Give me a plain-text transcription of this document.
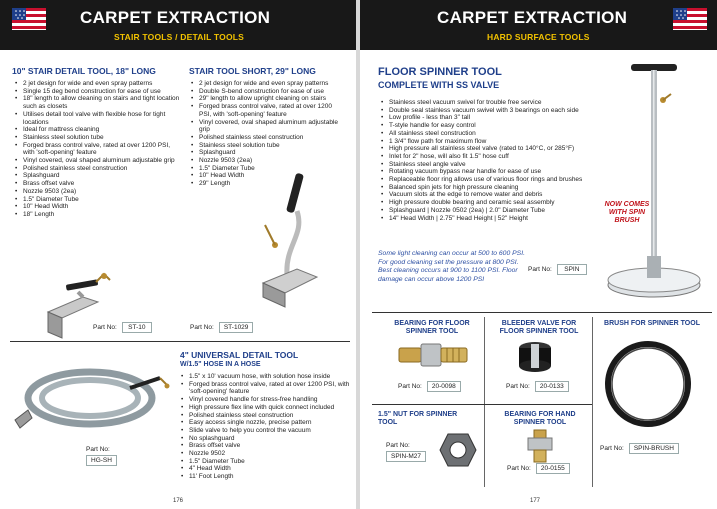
CARPET EXTRACTION
STAIR TOOLS / DETAIL TOOLS
10" STAIR DETAIL TOOL, 18" LONG
• 2 jet design for wide and even spray patterns
• Single 15 deg bend construction for ease of use
• 18" length to allow cleaning on stairs and tight location such as closets
• Utilises detail tool valve with flexible hose for tight locations
• Ideal for mattress cleaning
• Stainless steel solution tube
• Forged brass control valve, rated at over 1200 PSI, with 'soft-opening' feature
• Vinyl covered, oval shaped aluminum adjustable grip
• Polished stainless steel construction
• Splashguard
• Brass offset valve
• Nozzle 9503 (2ea)
• 1.5" Diameter Tube
• 10" Head Width
• 18" Length
Part No:	ST-10
STAIR TOOL SHORT, 29" LONG
• 2 jet design for wide and even spray patterns
• Double S-bend construction for ease of use
• 29" length to allow upright cleaning on stairs
• Forged brass control valve, rated at over 1200 PSI, with 'soft-opening' feature
• Vinyl covered, oval shaped aluminum adjustable grip
• Polished stainless steel construction
• Stainless steel solution tube
• Splashguard
• Nozzle 9503 (2ea)
• 1.5" Diameter Tube
• 10" Head Width
• 29" Length
Part No:	ST-1029
4" UNIVERSAL DETAIL TOOL
W/1.5" HOSE IN A HOSE
• 1.5" x 10' vacuum hose, with solution hose inside
• Forged brass control valve, rated at over 1200 PSI, with 'soft-opening' feature
• Vinyl covered handle for stress-free handling
• High pressure flex line with quick connect included
• Polished stainless steel construction
• Easy access single nozzle, precise pattern
• Slide valve to help you control the vacuum
• No splashguard
• Brass offset valve
• Nozzle 9502
• 1.5" Diameter Tube
• 4" Head Width
• 11' Foot Length
Part No:
HG-SH
176
CARPET EXTRACTION
HARD SURFACE TOOLS
FLOOR SPINNER TOOL
COMPLETE WITH SS VALVE
• Stainless steel vacuum swivel for trouble free service
• Double seal stainless vacuum swivel with 3 bearings on each side
• Low profile - less than 3" tall
• T-style handle for easy control
• All stainless steel construction
• 1 3/4" flow path for maximum flow
• High pressure all stainless steel valve (rated to 140°C, or 285°F)
• Inlet for 2" hose, will also fit 1.5" hose cuff
• Stainless steel angle valve
• Rotating vacuum bypass near handle for ease of use
• Replaceable floor ring allows use of various floor rings and brushes
• Balanced spin jets for high pressure cleaning
• Vacuum slots at the edge to remove water and debris
• High pressure double bearing and ceramic seal assembly
• Splashguard | Nozzle 0502 (2ea) | 2.0" Diameter Tube
• 14" Head Width | 2.75" Head Height | 52" Height
Some light cleaning can occur at 500 to 600 PSI. For good cleaning set the pressure at 800 PSI. Best cleaning occurs at 900 to 1100 PSI. Floor damage can occur above 1200 PSI
Part No:	SPIN
NOW COMES WITH SPIN BRUSH
BEARING FOR FLOOR SPINNER TOOL
Part No:	20-0098
BLEEDER VALVE FOR FLOOR SPINNER TOOL
Part No:	20-0133
BRUSH FOR SPINNER TOOL
Part No:	SPIN-BRUSH
1.5" NUT FOR SPINNER TOOL
Part No:
SPIN-M27
BEARING FOR HAND SPINNER TOOL
Part No:	20-0155
177
